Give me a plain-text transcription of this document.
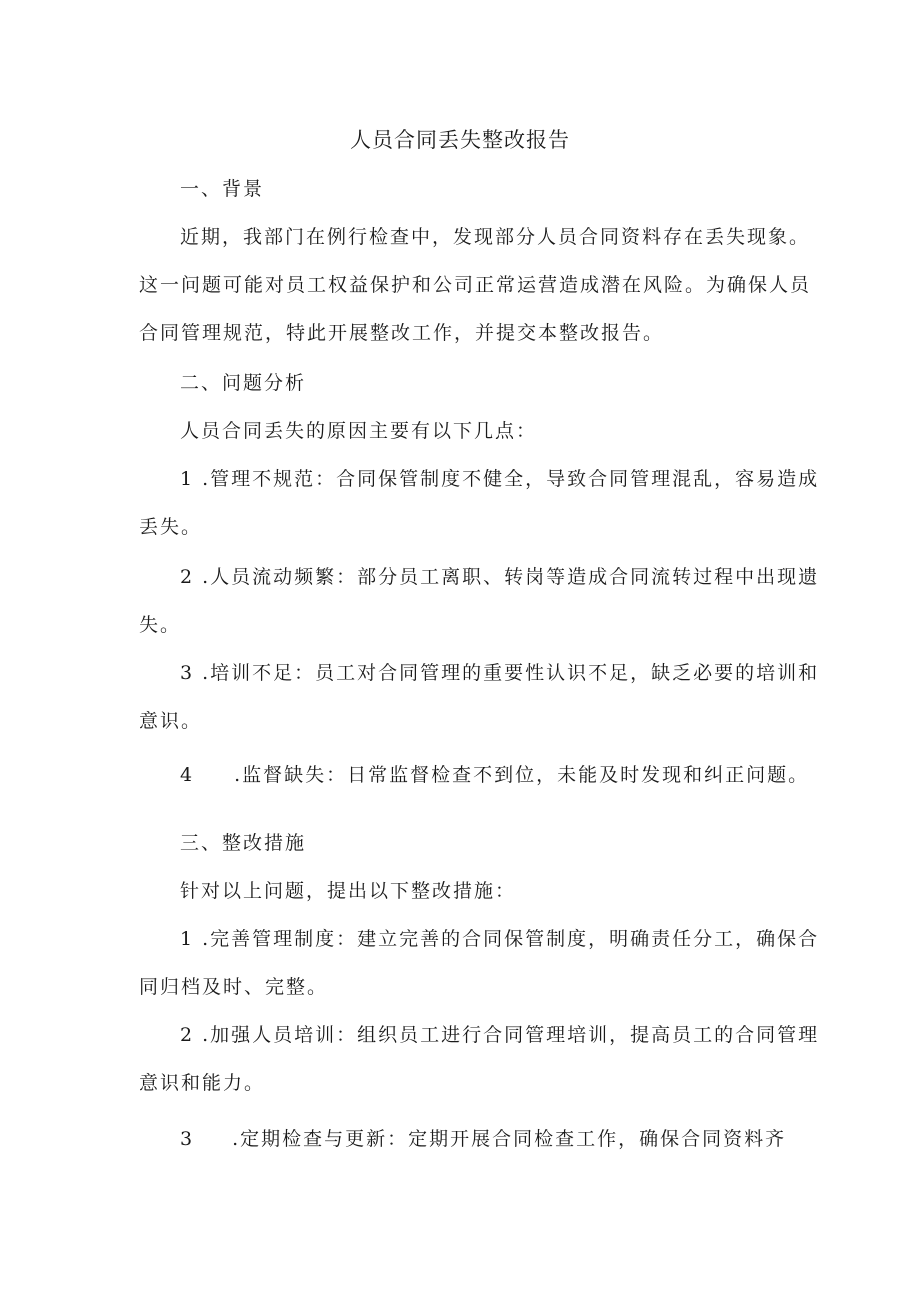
人员合同丢失整改报告
一、背景
近期，我部门在例行检查中，发现部分人员合同资料存在丢失现象。
这一问题可能对员工权益保护和公司正常运营造成潜在风险。为确保人员
合同管理规范，特此开展整改工作，并提交本整改报告。
二、问题分析
人员合同丢失的原因主要有以下几点：
1 .管理不规范：合同保管制度不健全，导致合同管理混乱，容易造成
丢失。
2 .人员流动频繁：部分员工离职、转岗等造成合同流转过程中出现遗
失。
3 .培训不足：员工对合同管理的重要性认识不足，缺乏必要的培训和
意识。
4 .监督缺失：日常监督检查不到位，未能及时发现和纠正问题。
三、整改措施
针对以上问题，提出以下整改措施：
1 .完善管理制度：建立完善的合同保管制度，明确责任分工，确保合
同归档及时、完整。
2 .加强人员培训：组织员工进行合同管理培训，提高员工的合同管理
意识和能力。
3 .定期检查与更新：定期开展合同检查工作，确保合同资料齐
